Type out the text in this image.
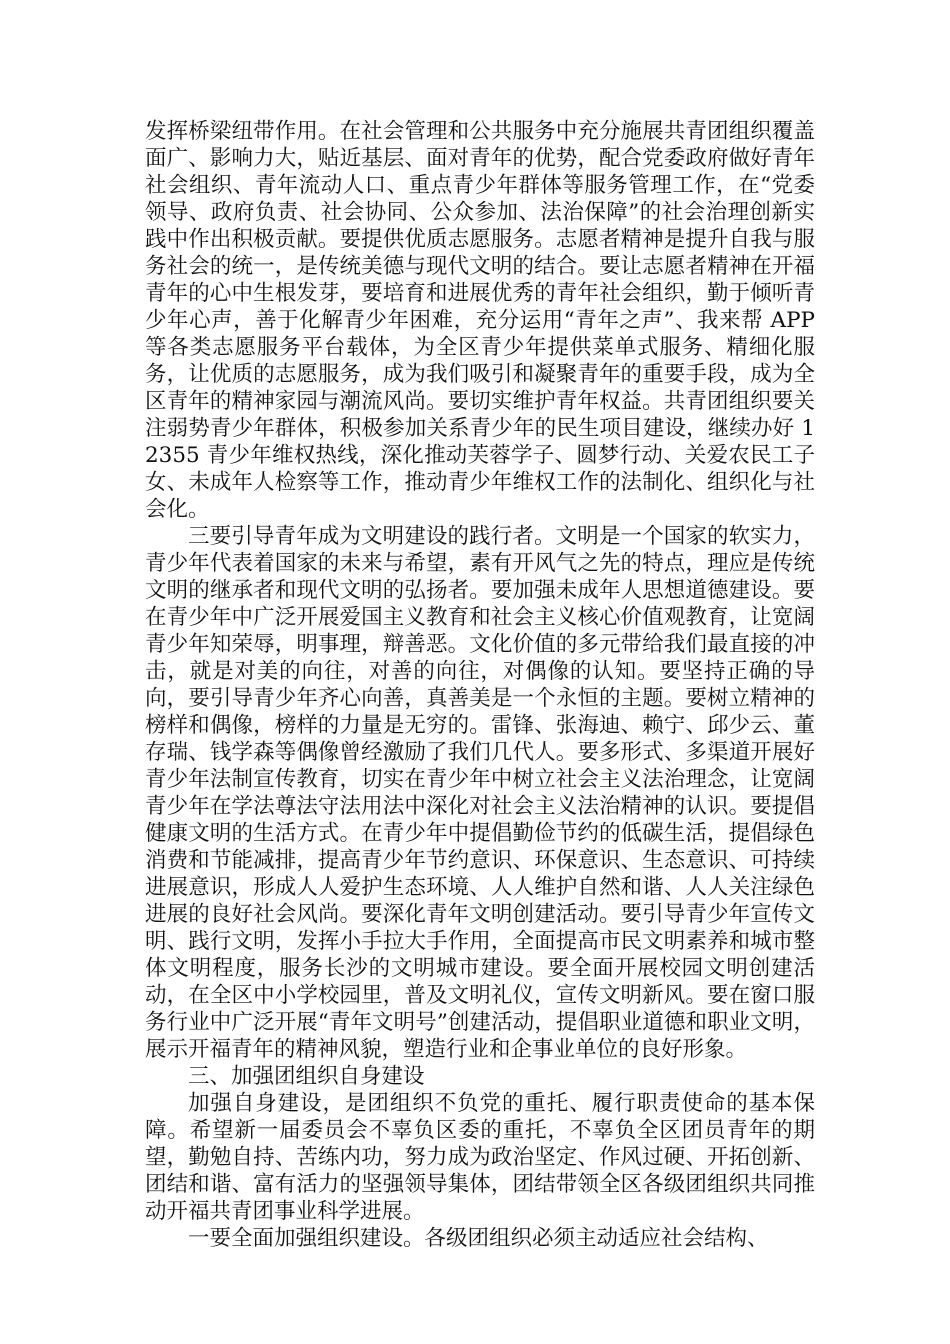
发挥桥梁纽带作用。在社会管理和公共服务中充分施展共青团组织覆盖面广、影响力大，贴近基层、面对青年的优势，配合党委政府做好青年社会组织、青年流动人口、重点青少年群体等服务管理工作，在“党委领导、政府负责、社会协同、公众参加、法治保障”的社会治理创新实践中作出积极贡献。要提供优质志愿服务。志愿者精神是提升自我与服务社会的统一，是传统美德与现代文明的结合。要让志愿者精神在开福青年的心中生根发芽，要培育和进展优秀的青年社会组织，勤于倾听青少年心声，善于化解青少年困难，充分运用“青年之声”、我来帮 APP 等各类志愿服务平台载体，为全区青少年提供菜单式服务、精细化服务，让优质的志愿服务，成为我们吸引和凝聚青年的重要手段，成为全区青年的精神家园与潮流风尚。要切实维护青年权益。共青团组织要关注弱势青少年群体，积极参加关系青少年的民生项目建设，继续办好 12355 青少年维权热线，深化推动芙蓉学子、圆梦行动、关爱农民工子女、未成年人检察等工作，推动青少年维权工作的法制化、组织化与社会化。

三要引导青年成为文明建设的践行者。文明是一个国家的软实力，青少年代表着国家的未来与希望，素有开风气之先的特点，理应是传统文明的继承者和现代文明的弘扬者。要加强未成年人思想道德建设。要在青少年中广泛开展爱国主义教育和社会主义核心价值观教育，让宽阔青少年知荣辱，明事理，辩善恶。文化价值的多元带给我们最直接的冲击，就是对美的向往，对善的向往，对偶像的认知。要坚持正确的导向，要引导青少年齐心向善，真善美是一个永恒的主题。要树立精神的榜样和偶像，榜样的力量是无穷的。雷锋、张海迪、赖宁、邱少云、董存瑞、钱学森等偶像曾经激励了我们几代人。要多形式、多渠道开展好青少年法制宣传教育，切实在青少年中树立社会主义法治理念，让宽阔青少年在学法尊法守法用法中深化对社会主义法治精神的认识。要提倡健康文明的生活方式。在青少年中提倡勤俭节约的低碳生活，提倡绿色消费和节能减排，提高青少年节约意识、环保意识、生态意识、可持续进展意识，形成人人爱护生态环境、人人维护自然和谐、人人关注绿色进展的良好社会风尚。要深化青年文明创建活动。要引导青少年宣传文明、践行文明，发挥小手拉大手作用，全面提高市民文明素养和城市整体文明程度，服务长沙的文明城市建设。要全面开展校园文明创建活动，在全区中小学校园里，普及文明礼仪，宣传文明新风。要在窗口服务行业中广泛开展“青年文明号”创建活动，提倡职业道德和职业文明，展示开福青年的精神风貌，塑造行业和企事业单位的良好形象。

三、加强团组织自身建设

加强自身建设，是团组织不负党的重托、履行职责使命的基本保障。希望新一届委员会不辜负区委的重托，不辜负全区团员青年的期望，勤勉自持、苦练内功，努力成为政治坚定、作风过硬、开拓创新、团结和谐、富有活力的坚强领导集体，团结带领全区各级团组织共同推动开福共青团事业科学进展。

一要全面加强组织建设。各级团组织必须主动适应社会结构、
